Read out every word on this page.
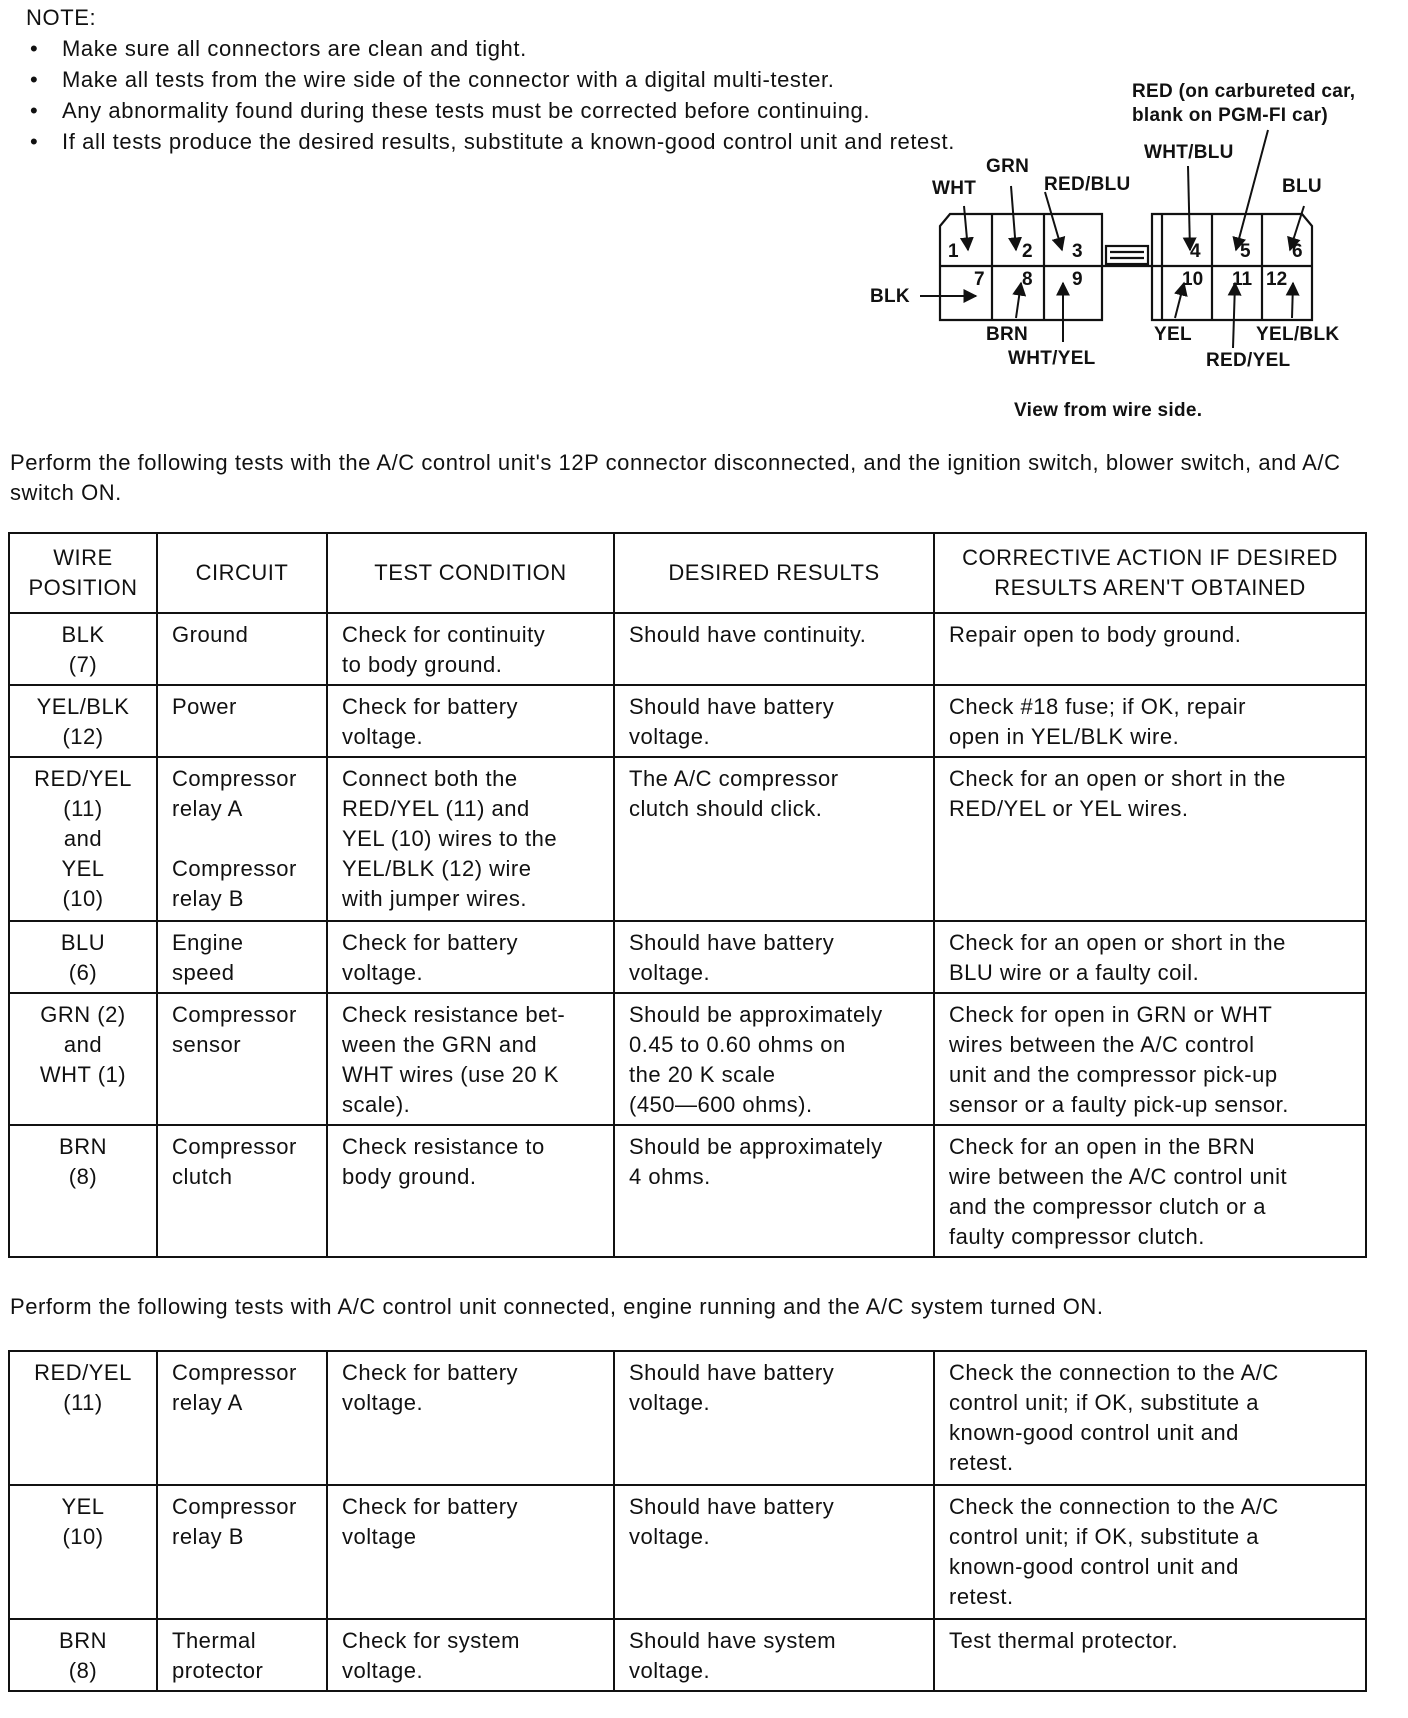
NOTE:

• Make sure all connectors are clean and tight.
• Make all tests from the wire side of the connector with a digital multi-tester.
• Any abnormality found during these tests must be corrected before continuing.
• If all tests produce the desired results, substitute a known-good control unit and retest.
RED (on carbureted car,
blank on PGM-FI car)
WHT/BLU
GRN
WHT	RED/BLU	BLU
BLK
BRN
WHT/YEL
YEL	YEL/BLK
RED/YEL
1	2 3	4 5 6
7 8 9	10 11 12
View from wire side.

Perform the following tests with the A/C control unit's 12P connector disconnected, and the ignition switch, blower switch, and A/C switch ON.

WIRE
POSITION	CIRCUIT	TEST CONDITION	DESIRED RESULTS	CORRECTIVE ACTION IF DESIRED
RESULTS AREN'T OBTAINED
BLK
(7)	Ground	Check for continuity
to body ground.	Should have continuity.	Repair open to body ground.
YEL/BLK
(12)	Power	Check for battery
voltage.	Should have battery
voltage.	Check #18 fuse; if OK, repair
open in YEL/BLK wire.
RED/YEL
(11)
and
YEL
(10)	Compressor
relay A

Compressor
relay B	Connect both the
RED/YEL (11) and
YEL (10) wires to the
YEL/BLK (12) wire
with jumper wires.	The A/C compressor
clutch should click.	Check for an open or short in the
RED/YEL or YEL wires.
BLU
(6)	Engine
speed	Check for battery
voltage.	Should have battery
voltage.	Check for an open or short in the
BLU wire or a faulty coil.
GRN (2)
and
WHT (1)	Compressor
sensor	Check resistance bet-
ween the GRN and
WHT wires (use 20 K
scale).	Should be approximately
0.45 to 0.60 ohms on
the 20 K scale
(450—600 ohms).	Check for open in GRN or WHT
wires between the A/C control
unit and the compressor pick-up
sensor or a faulty pick-up sensor.
BRN
(8)	Compressor
clutch	Check resistance to
body ground.	Should be approximately
4 ohms.	Check for an open in the BRN
wire between the A/C control unit
and the compressor clutch or a
faulty compressor clutch.

Perform the following tests with A/C control unit connected, engine running and the A/C system turned ON.

RED/YEL
(11)	Compressor
relay A	Check for battery
voltage.	Should have battery
voltage.	Check the connection to the A/C
control unit; if OK, substitute a
known-good control unit and
retest.
YEL
(10)	Compressor
relay B	Check for battery
voltage	Should have battery
voltage.	Check the connection to the A/C
control unit; if OK, substitute a
known-good control unit and
retest.
BRN
(8)	Thermal
protector	Check for system
voltage.	Should have system
voltage.	Test thermal protector.
